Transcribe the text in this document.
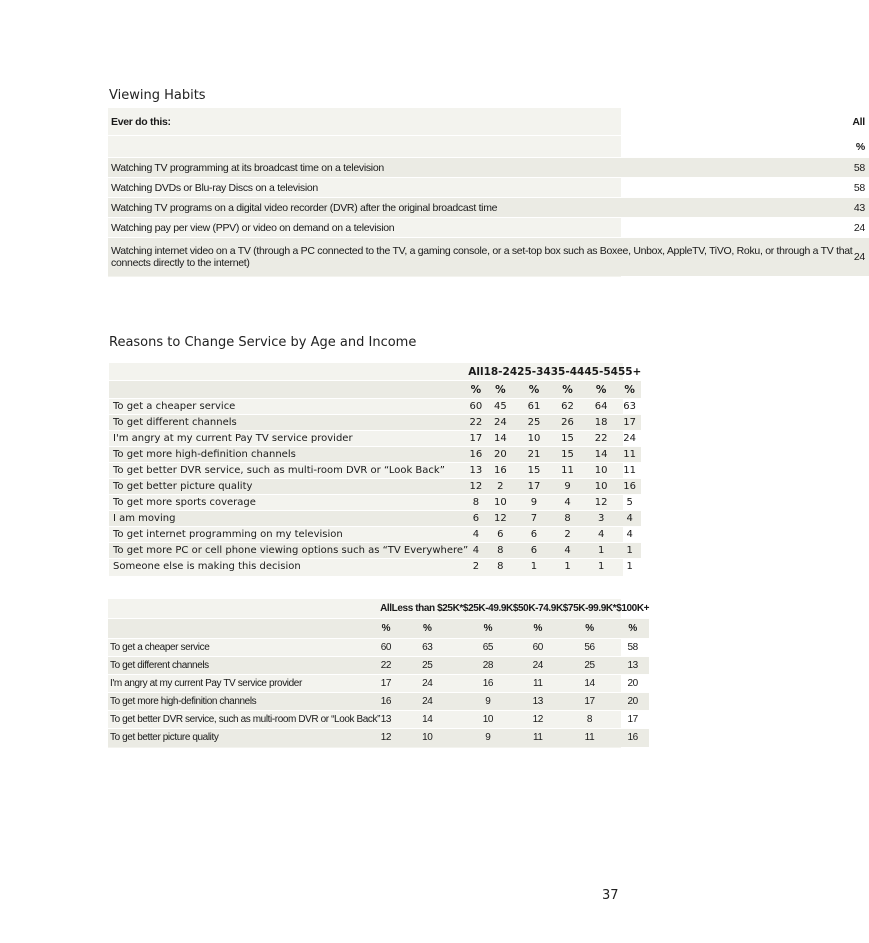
Viewing Habits
Ever do this:	All
	%

Watching TV programming at its broadcast time on a television	58

Watching DVDs or Blu-ray Discs on a television	58

Watching TV programs on a digital video recorder (DVR) after the original broadcast time	43

Watching pay per view (PPV) or video on demand on a television	24

Watching internet video on a TV (through a PC connected to the TV, a gaming console, or a set-top box such as Boxee, Unbox, AppleTV, TiVO, Roku, or through a TV that
connects directly to the internet)	24
Reasons to Change Service by Age and Income
	All	18-24	25-34	35-44	45-54	55+
	%	%	%	%	%	%
To get a cheaper service	60	45	61	62	64	63
To get different channels	22	24	25	26	18	17
I'm angry at my current Pay TV service provider	17	14	10	15	22	24
To get more high-definition channels	16	20	21	15	14	11
To get better DVR service, such as multi-room DVR or “Look Back”	13	16	15	11	10	11
To get better picture quality	12	2	17	9	10	16
To get more sports coverage	8	10	9	4	12	5
I am moving	6	12	7	8	3	4
To get internet programming on my television	4	6	6	2	4	4
To get more PC or cell phone viewing options such as “TV Everywhere”	4	8	6	4	1	1
Someone else is making this decision	2	8	1	1	1	1
	All	Less than $25K*	$25K-49.9K	$50K-74.9K	$75K-99.9K*	$100K+
	%	%	%	%	%	%
To get a cheaper service	60	63	65	60	56	58
To get different channels	22	25	28	24	25	13
I'm angry at my current Pay TV service provider	17	24	16	11	14	20
To get more high-definition channels	16	24	9	13	17	20
To get better DVR service, such as multi-room DVR or “Look Back”	13	14	10	12	8	17
To get better picture quality	12	10	9	11	11	16
37
